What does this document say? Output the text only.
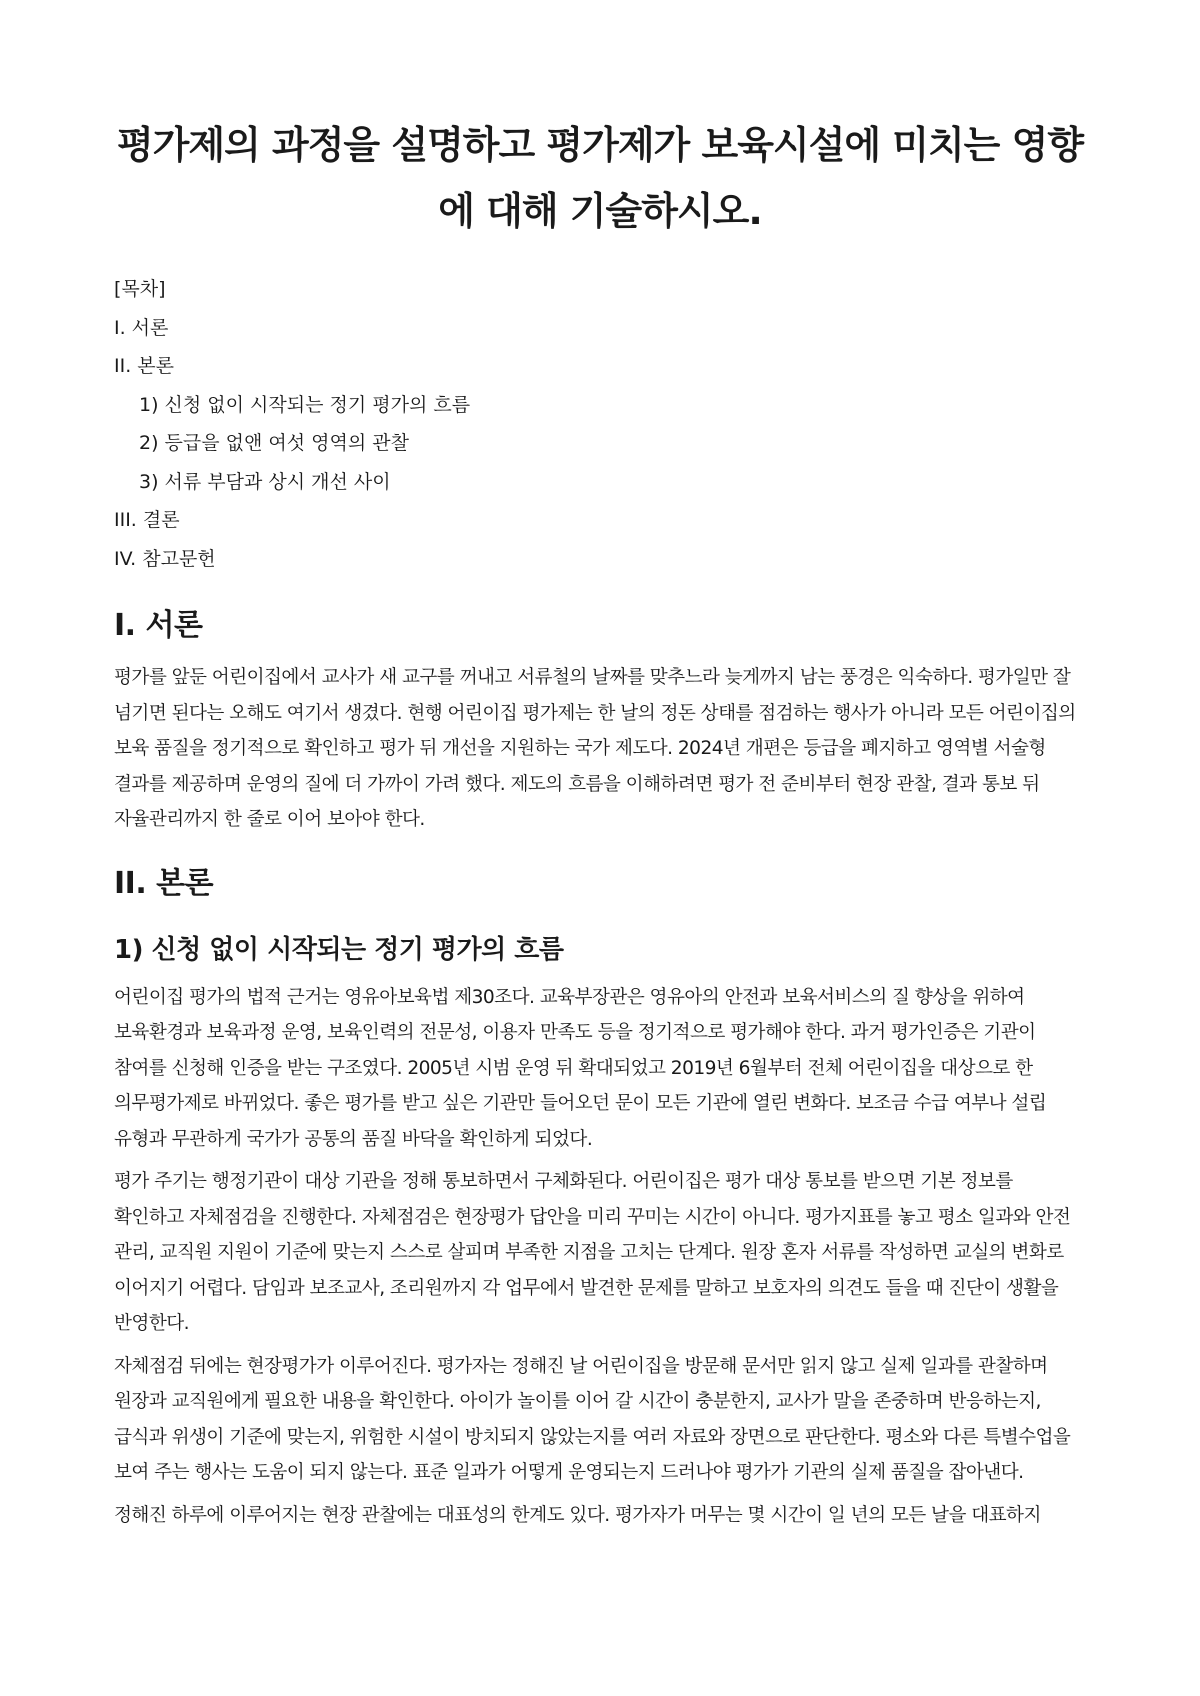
평가제의 과정을 설명하고 평가제가 보육시설에 미치는 영향에 대해 기술하시오.

[목차]

I. 서론

II. 본론

1) 신청 없이 시작되는 정기 평가의 흐름

2) 등급을 없앤 여섯 영역의 관찰

3) 서류 부담과 상시 개선 사이

III. 결론

IV. 참고문헌

I. 서론

평가를 앞둔 어린이집에서 교사가 새 교구를 꺼내고 서류철의 날짜를 맞추느라 늦게까지 남는 풍경은 익숙하다. 평가일만 잘 넘기면 된다는 오해도 여기서 생겼다. 현행 어린이집 평가제는 한 날의 정돈 상태를 점검하는 행사가 아니라 모든 어린이집의 보육 품질을 정기적으로 확인하고 평가 뒤 개선을 지원하는 국가 제도다. 2024년 개편은 등급을 폐지하고 영역별 서술형 결과를 제공하며 운영의 질에 더 가까이 가려 했다. 제도의 흐름을 이해하려면 평가 전 준비부터 현장 관찰, 결과 통보 뒤 자율관리까지 한 줄로 이어 보아야 한다.

II. 본론
1) 신청 없이 시작되는 정기 평가의 흐름

어린이집 평가의 법적 근거는 영유아보육법 제30조다. 교육부장관은 영유아의 안전과 보육서비스의 질 향상을 위하여 보육환경과 보육과정 운영, 보육인력의 전문성, 이용자 만족도 등을 정기적으로 평가해야 한다. 과거 평가인증은 기관이 참여를 신청해 인증을 받는 구조였다. 2005년 시범 운영 뒤 확대되었고 2019년 6월부터 전체 어린이집을 대상으로 한 의무평가제로 바뀌었다. 좋은 평가를 받고 싶은 기관만 들어오던 문이 모든 기관에 열린 변화다. 보조금 수급 여부나 설립 유형과 무관하게 국가가 공통의 품질 바닥을 확인하게 되었다.

평가 주기는 행정기관이 대상 기관을 정해 통보하면서 구체화된다. 어린이집은 평가 대상 통보를 받으면 기본 정보를 확인하고 자체점검을 진행한다. 자체점검은 현장평가 답안을 미리 꾸미는 시간이 아니다. 평가지표를 놓고 평소 일과와 안전 관리, 교직원 지원이 기준에 맞는지 스스로 살피며 부족한 지점을 고치는 단계다. 원장 혼자 서류를 작성하면 교실의 변화로 이어지기 어렵다. 담임과 보조교사, 조리원까지 각 업무에서 발견한 문제를 말하고 보호자의 의견도 들을 때 진단이 생활을 반영한다.

자체점검 뒤에는 현장평가가 이루어진다. 평가자는 정해진 날 어린이집을 방문해 문서만 읽지 않고 실제 일과를 관찰하며 원장과 교직원에게 필요한 내용을 확인한다. 아이가 놀이를 이어 갈 시간이 충분한지, 교사가 말을 존중하며 반응하는지, 급식과 위생이 기준에 맞는지, 위험한 시설이 방치되지 않았는지를 여러 자료와 장면으로 판단한다. 평소와 다른 특별수업을 보여 주는 행사는 도움이 되지 않는다. 표준 일과가 어떻게 운영되는지 드러나야 평가가 기관의 실제 품질을 잡아낸다.

정해진 하루에 이루어지는 현장 관찰에는 대표성의 한계도 있다. 평가자가 머무는 몇 시간이 일 년의 모든 날을 대표하지
